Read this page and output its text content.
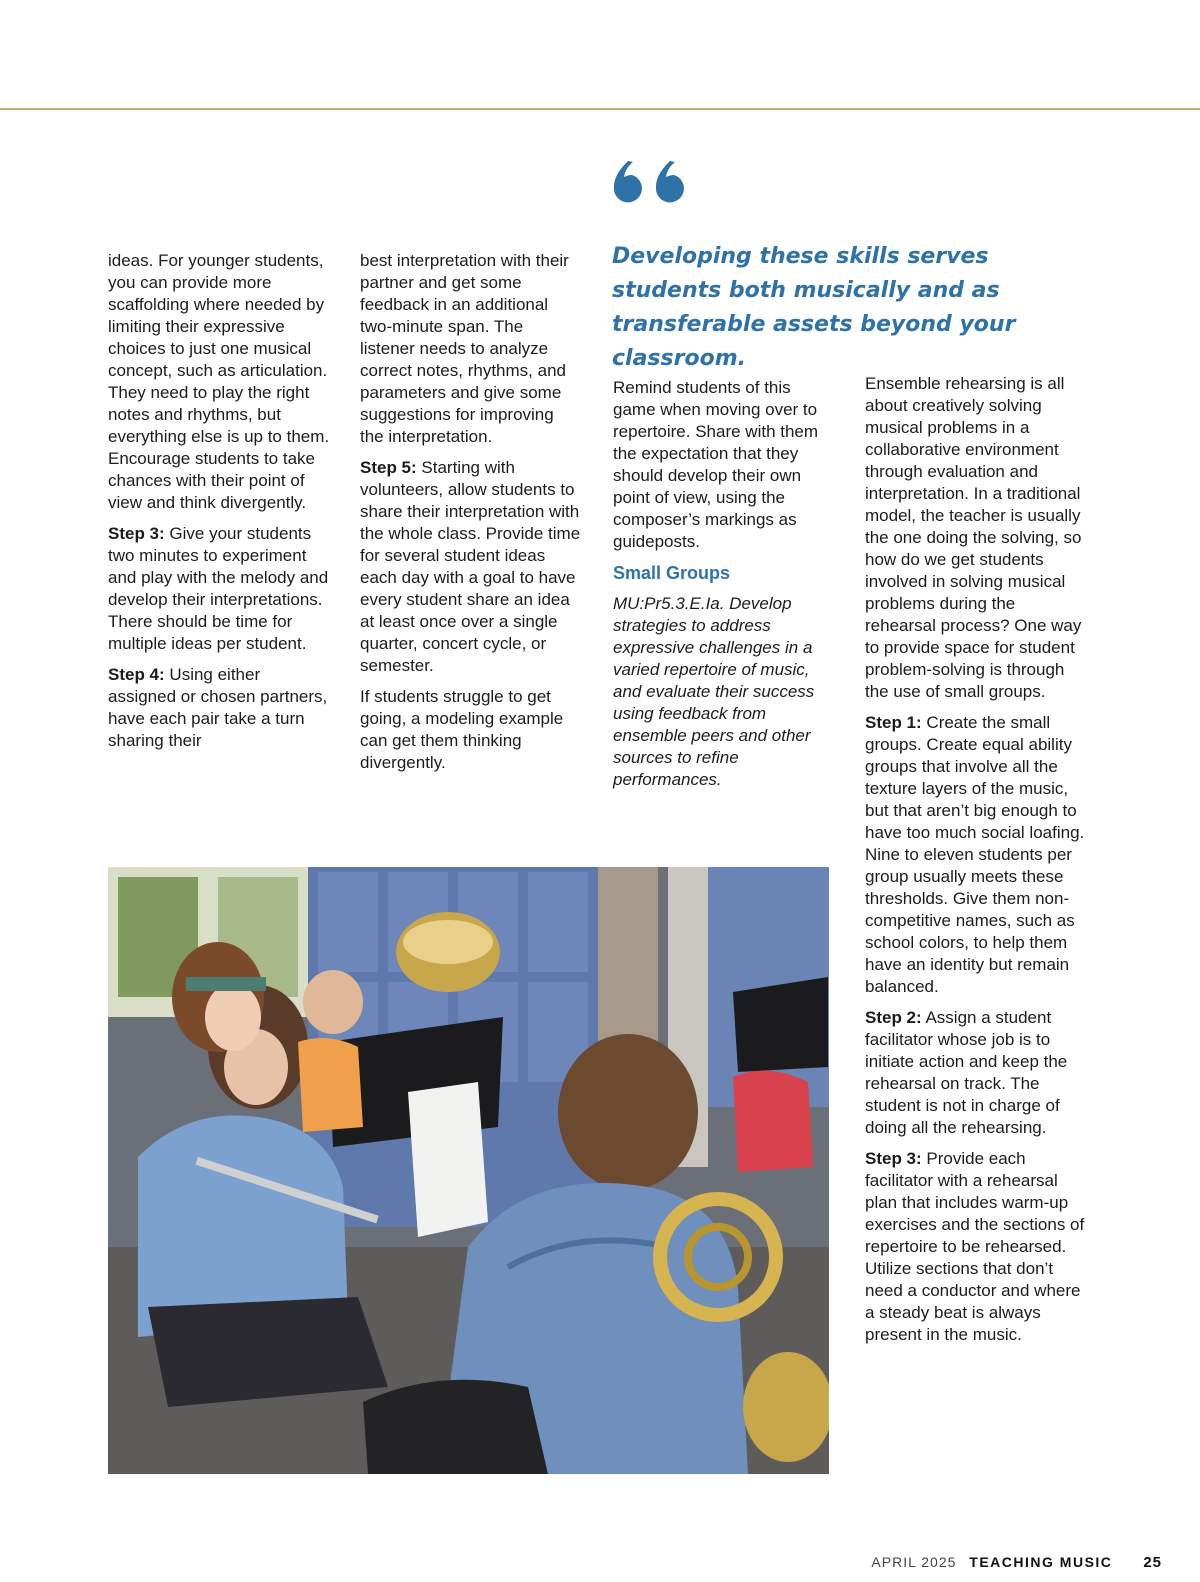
ideas. For younger students, you can provide more scaffolding where needed by limiting their expressive choices to just one musical concept, such as articulation. They need to play the right notes and rhythms, but everything else is up to them. Encourage students to take chances with their point of view and think divergently.

Step 3: Give your students two minutes to experiment and play with the melody and develop their interpretations. There should be time for multiple ideas per student.

Step 4: Using either assigned or chosen partners, have each pair take a turn sharing their

best interpretation with their partner and get some feedback in an additional two-minute span. The listener needs to analyze correct notes, rhythms, and parameters and give some suggestions for improving the interpretation.

Step 5: Starting with volunteers, allow students to share their interpretation with the whole class. Provide time for several student ideas each day with a goal to have every student share an idea at least once over a single quarter, concert cycle, or semester.

If students struggle to get going, a modeling example can get them thinking divergently.

Developing these skills serves students both musically and as transferable assets beyond your classroom.

Remind students of this game when moving over to repertoire. Share with them the expectation that they should develop their own point of view, using the composer’s markings as guideposts.

Small Groups

MU:Pr5.3.E.Ia. Develop strategies to address expressive challenges in a varied repertoire of music, and evaluate their success using feedback from ensemble peers and other sources to refine performances.

Ensemble rehearsing is all about creatively solving musical problems in a collaborative environment through evaluation and interpretation. In a traditional model, the teacher is usually the one doing the solving, so how do we get students involved in solving musical problems during the rehearsal process? One way to provide space for student problem-solving is through the use of small groups.

Step 1: Create the small groups. Create equal ability groups that involve all the texture layers of the music, but that aren’t big enough to have too much social loafing. Nine to eleven students per group usually meets these thresholds. Give them non-competitive names, such as school colors, to help them have an identity but remain balanced.

Step 2: Assign a student facilitator whose job is to initiate action and keep the rehearsal on track. The student is not in charge of doing all the rehearsing.

Step 3: Provide each facilitator with a rehearsal plan that includes warm-up exercises and the sections of repertoire to be rehearsed. Utilize sections that don’t need a conductor and where a steady beat is always present in the music.

APRIL 2025 TEACHING MUSIC 25
